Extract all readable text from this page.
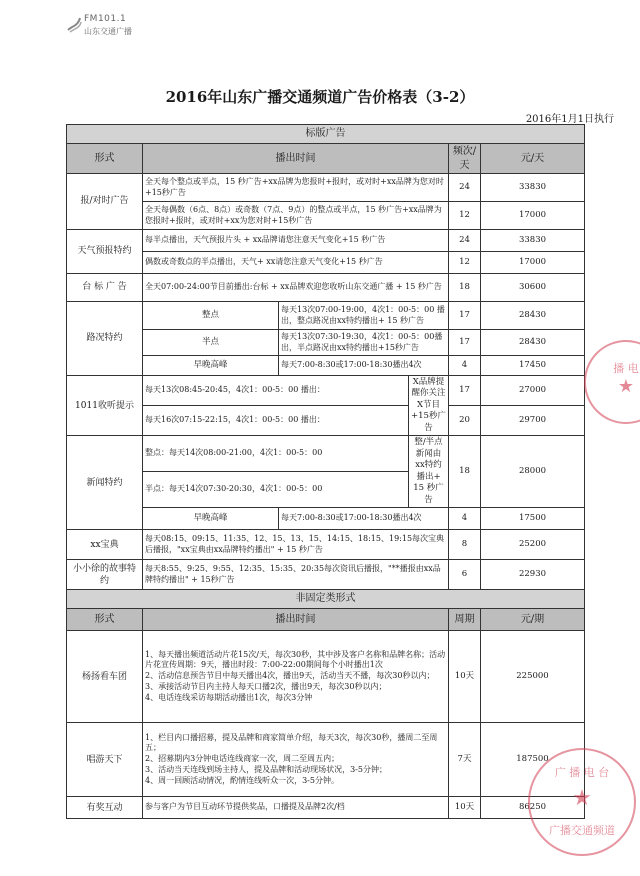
FM101.1
山东交通广播
2016年山东广播交通频道广告价格表（3-2）
2016年1月1日执行
标版广告					
形式	播出时间			频次/天	元/天
报/对时广告	全天每个整点或半点，15 秒广告+xx品牌为您报时+报时，或对时+xx品牌为您对时+15秒广告			24	33830
	全天每偶数（6点、8点）或奇数（7点、9点）的整点或半点，15 秒广告+xx品牌为您报时+报时，或对时+xx为您对时+15秒广告			12	17000
天气预报特约	每半点播出，天气预报片头 + xx品牌请您注意天气变化+15 秒广告			24	33830
	偶数或奇数点的半点播出，天气+ xx请您注意天气变化+15 秒广告			12	17000
台 标 广 告	全天07:00-24:00节目前播出:台标 + xx品牌欢迎您收听山东交通广播 + 15 秒广告			18	30600
路况特约	整点	每天13次07:00-19:00，4次1：00-5：00 播出，整点路况由xx特约播出+ 15 秒广告		17	28430
	半点	每天13次07:30-19:30，4次1：00-5：00播出，半点路况由xx特约播出+15秒广告		17	28430
	早晚高峰	每天7:00-8:30或17:00-18:30播出4次		4	17450
1011收听提示	每天13次08:45-20:45，4次1：00-5：00 播出：		X品牌提醒你关注X节目+15秒广告	17	27000
	每天16次07:15-22:15，4次1：00-5：00 播出：			20	29700
新闻特约	整点：每天14次08:00-21:00，4次1：00-5：00		整/半点新闻由xx特约播出+ 15 秒广告	18	28000
	半点：每天14次07:30-20:30，4次1：00-5：00				
	早晚高峰	每天7:00-8:30或17:00-18:30播出4次		4	17500
xx宝典	每天08:15、09:15、11:35、12、15、13、15、14:15、18:15、19:15每次宝典后播报，"xx宝典由xx品牌特约播出" + 15 秒广告			8	25200
小小徐的故事特约	每天8:55、9:25、9:55、12:35、15:35、20:35每次资讯后播报，"**播报由xx品牌特约播出" + 15秒广告			6	22930
非固定类形式					
形式	播出时间			周期	元/期
杨扬看车团	1、每天播出频道活动片花15次/天，每次30秒，其中涉及客户名称和品牌名称；活动片花宣传周期：9天，播出时段：7:00-22:00期间每个小时播出1次
2、活动信息预告节目中每天播出4次，播出9天，活动当天不播，每次30秒以内；
3、承接活动节目内主持人每天口播2次，播出9天，每次30秒以内；
4、电话连线采访每期活动播出1次，每次3分钟			10天	225000
唱游天下	1、栏目内口播招募，提及品牌和商家简单介绍，每天3次，每次30秒，播周二至周五；
2、招募期内3分钟电话连线商家一次，周二至周五内；
3、活动当天连线到场主持人，提及品牌和活动现场状况，3-5分钟；
4、周一回顾活动情况，酌情连线听众一次，3-5分钟。			7天	187500
有奖互动	参与客户为节目互动环节提供奖品，口播提及品牌2次/档			10天	86250
播 电
★
广 播 电 台
★
广播交通频道
